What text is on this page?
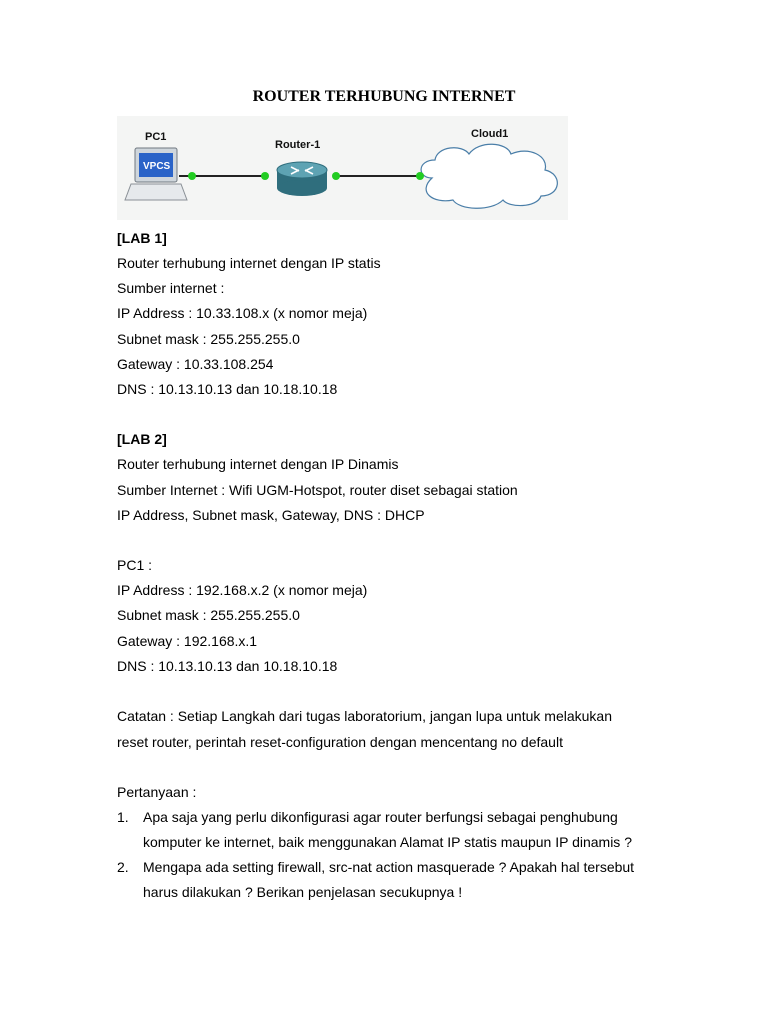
ROUTER TERHUBUNG INTERNET
VPCS
PC1
Router-1
Cloud1
[LAB 1]
Router terhubung internet dengan IP statis
Sumber internet :
IP Address : 10.33.108.x (x nomor meja)
Subnet mask : 255.255.255.0
Gateway : 10.33.108.254
DNS : 10.13.10.13 dan 10.18.10.18
[LAB 2]
Router terhubung internet dengan IP Dinamis
Sumber Internet : Wifi UGM-Hotspot, router diset sebagai station
IP Address, Subnet mask, Gateway, DNS : DHCP
PC1 :
IP Address : 192.168.x.2 (x nomor meja)
Subnet mask : 255.255.255.0
Gateway : 192.168.x.1
DNS : 10.13.10.13 dan 10.18.10.18
Catatan : Setiap Langkah dari tugas laboratorium, jangan lupa untuk melakukan
reset router, perintah reset-configuration dengan mencentang no default
Pertanyaan :
1. Apa saja yang perlu dikonfigurasi agar router berfungsi sebagai penghubung
komputer ke internet, baik menggunakan Alamat IP statis maupun IP dinamis ?
2. Mengapa ada setting firewall, src-nat action masquerade ? Apakah hal tersebut
harus dilakukan ? Berikan penjelasan secukupnya !
